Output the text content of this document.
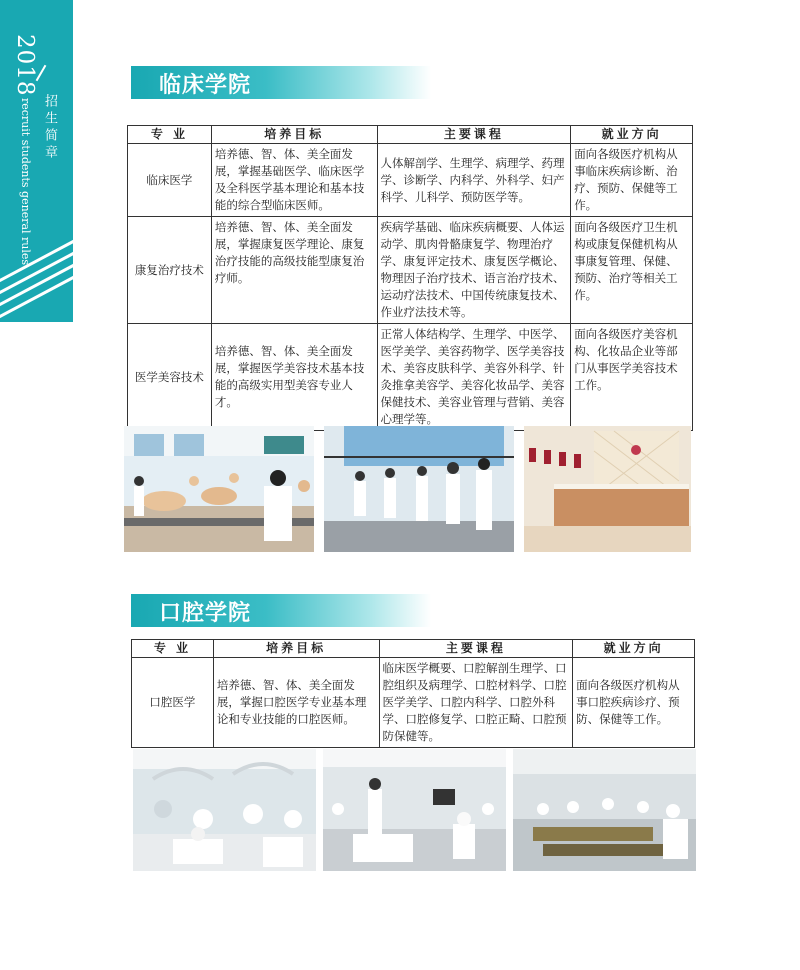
2018
招生简章
recruit students general rules
临床学院
专 业	培养目标	主要课程	就业方向
临床医学	培养德、智、体、美全面发展，掌握基础医学、临床医学及全科医学基本理论和基本技能的综合型临床医师。	人体解剖学、生理学、病理学、药理学、诊断学、内科学、外科学、妇产科学、儿科学、预防医学等。	面向各级医疗机构从事临床疾病诊断、治疗、预防、保健等工作。
康复治疗技术	培养德、智、体、美全面发展，掌握康复医学理论、康复治疗技能的高级技能型康复治疗师。	疾病学基础、临床疾病概要、人体运动学、肌肉骨骼康复学、物理治疗学、康复评定技术、康复医学概论、物理因子治疗技术、语言治疗技术、运动疗法技术、中国传统康复技术、作业疗法技术等。	面向各级医疗卫生机构或康复保健机构从事康复管理、保健、预防、治疗等相关工作。
医学美容技术	培养德、智、体、美全面发展，掌握医学美容技术基本技能的高级实用型美容专业人才。	正常人体结构学、生理学、中医学、医学美学、美容药物学、医学美容技术、美容皮肤科学、美容外科学、针灸推拿美容学、美容化妆品学、美容保健技术、美容业管理与营销、美容心理学等。	面向各级医疗美容机构、化妆品企业等部门从事医学美容技术工作。
口腔学院
专 业	培养目标	主要课程	就业方向
口腔医学	培养德、智、体、美全面发展，掌握口腔医学专业基本理论和专业技能的口腔医师。	临床医学概要、口腔解剖生理学、口腔组织及病理学、口腔材料学、口腔医学美学、口腔内科学、口腔外科学、口腔修复学、口腔正畸、口腔预防保健等。	面向各级医疗机构从事口腔疾病诊疗、预防、保健等工作。
